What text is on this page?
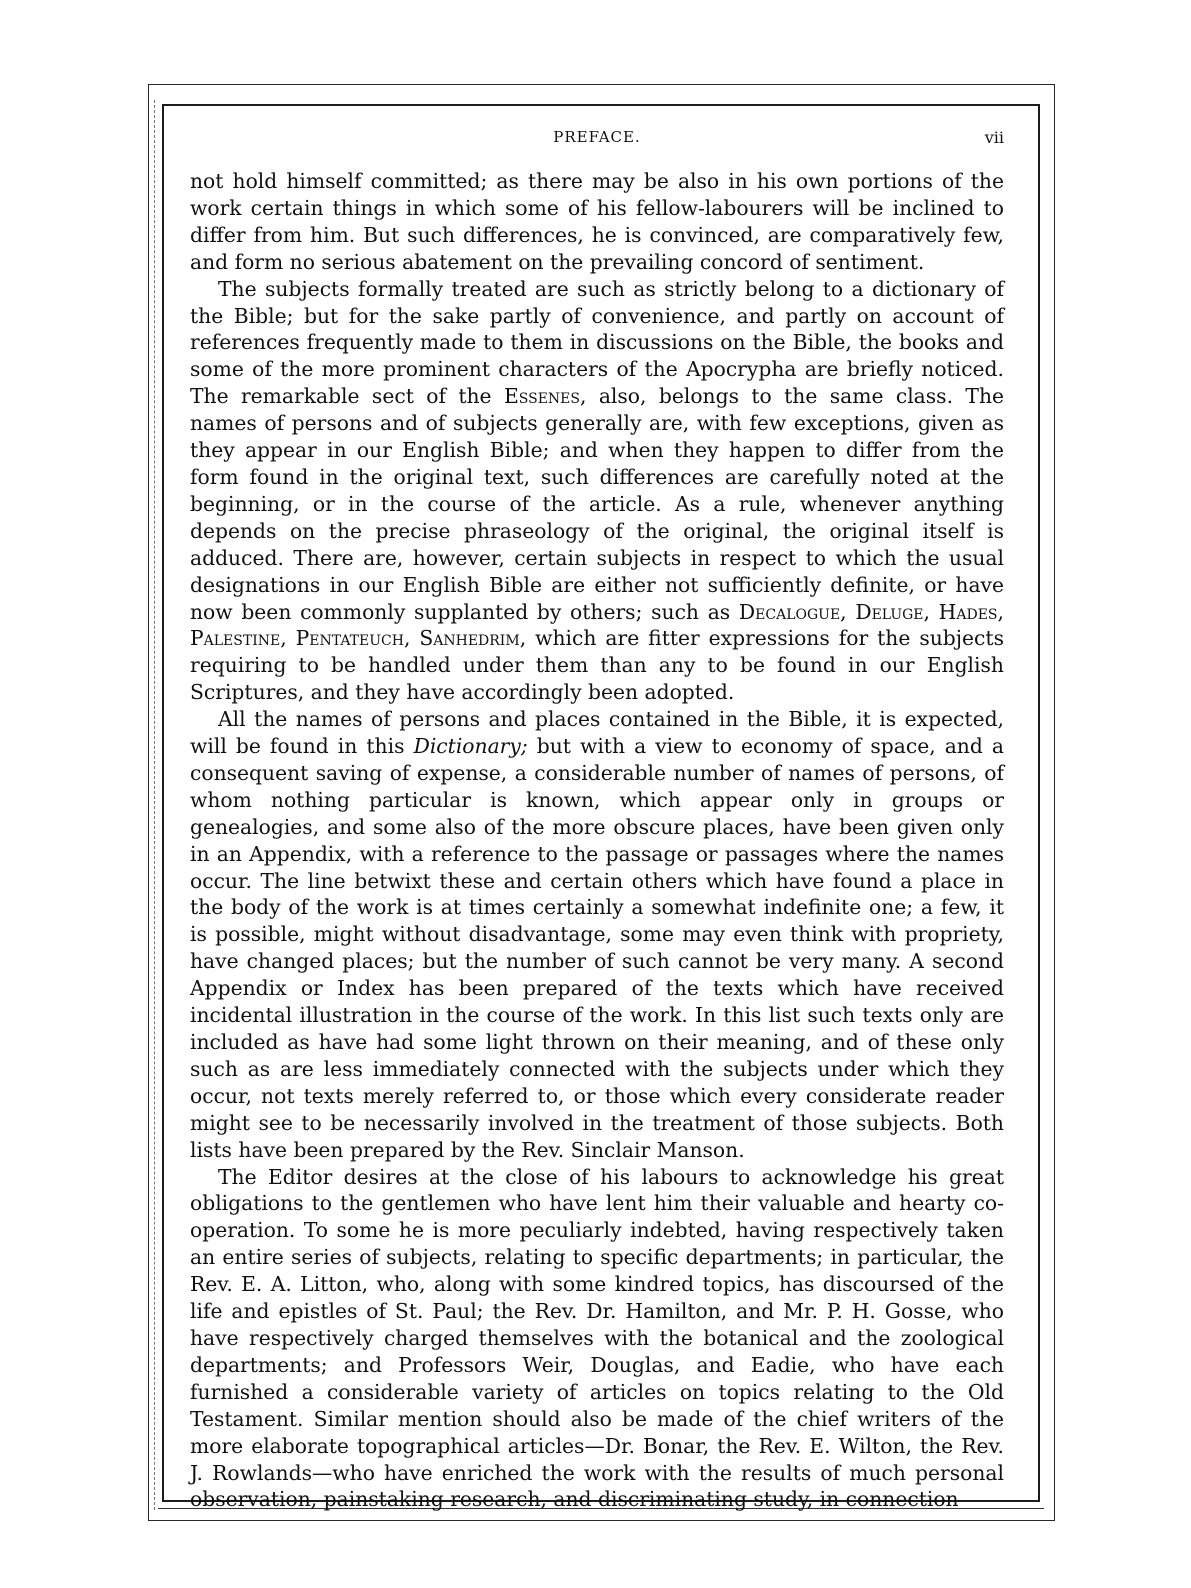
PREFACE.	vii

not hold himself committed; as there may be also in his own portions of the work certain things in which some of his fellow-labourers will be inclined to differ from him. But such differences, he is convinced, are comparatively few, and form no serious abatement on the prevailing concord of sentiment.

The subjects formally treated are such as strictly belong to a dictionary of the Bible; but for the sake partly of convenience, and partly on account of references frequently made to them in discussions on the Bible, the books and some of the more prominent characters of the Apocrypha are briefly noticed. The remarkable sect of the Essenes, also, belongs to the same class. The names of persons and of subjects generally are, with few exceptions, given as they appear in our English Bible; and when they happen to differ from the form found in the original text, such differences are carefully noted at the beginning, or in the course of the article. As a rule, whenever anything depends on the precise phraseology of the original, the original itself is adduced. There are, however, certain subjects in respect to which the usual designations in our English Bible are either not sufficiently definite, or have now been commonly supplanted by others; such as Decalogue, Deluge, Hades, Palestine, Pentateuch, Sanhedrim, which are fitter expressions for the subjects requiring to be handled under them than any to be found in our English Scriptures, and they have accordingly been adopted.

All the names of persons and places contained in the Bible, it is expected, will be found in this Dictionary; but with a view to economy of space, and a consequent saving of expense, a considerable number of names of persons, of whom nothing particular is known, which appear only in groups or genealogies, and some also of the more obscure places, have been given only in an Appendix, with a reference to the passage or passages where the names occur. The line betwixt these and certain others which have found a place in the body of the work is at times certainly a somewhat indefinite one; a few, it is possible, might without disadvantage, some may even think with propriety, have changed places; but the number of such cannot be very many. A second Appendix or Index has been prepared of the texts which have received incidental illustration in the course of the work. In this list such texts only are included as have had some light thrown on their meaning, and of these only such as are less immediately connected with the subjects under which they occur, not texts merely referred to, or those which every considerate reader might see to be necessarily involved in the treatment of those subjects. Both lists have been prepared by the Rev. Sinclair Manson.

The Editor desires at the close of his labours to acknowledge his great obligations to the gentlemen who have lent him their valuable and hearty co-operation. To some he is more peculiarly indebted, having respectively taken an entire series of subjects, relating to specific departments; in particular, the Rev. E. A. Litton, who, along with some kindred topics, has discoursed of the life and epistles of St. Paul; the Rev. Dr. Hamilton, and Mr. P. H. Gosse, who have respectively charged themselves with the botanical and the zoological departments; and Professors Weir, Douglas, and Eadie, who have each furnished a considerable variety of articles on topics relating to the Old Testament. Similar mention should also be made of the chief writers of the more elaborate topographical articles—Dr. Bonar, the Rev. E. Wilton, the Rev. J. Rowlands—who have enriched the work with the results of much personal observation, painstaking research, and discriminating study, in connection
